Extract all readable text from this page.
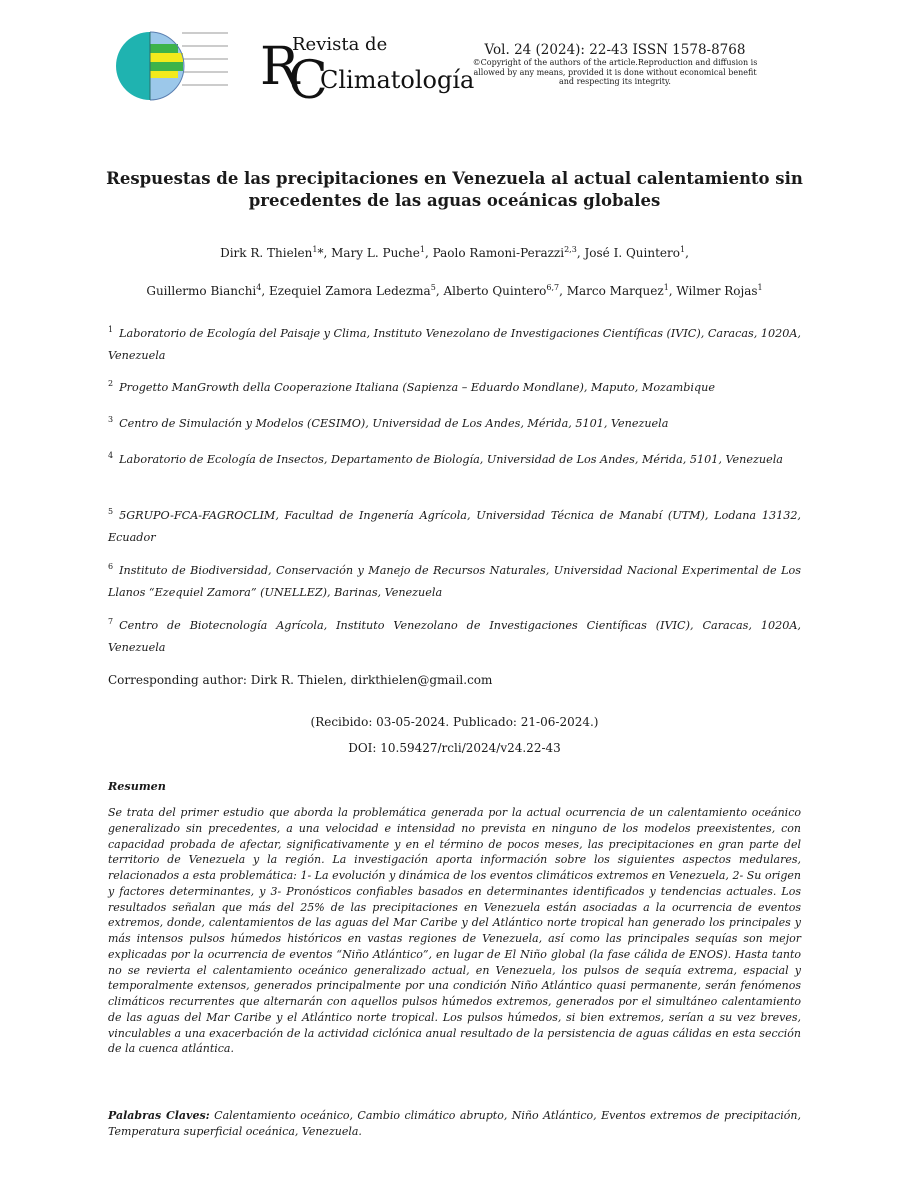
R
C
Revista de
Climatología
Vol. 24 (2024): 22-43 ISSN 1578-8768
©Copyright of the authors of the article.Reproduction and diffusion is allowed by any means, provided it is done without economical benefit and respecting its integrity.
Respuestas de las precipitaciones en Venezuela al actual calentamiento sin precedentes de las aguas oceánicas globales
Dirk R. Thielen$^1$*, Mary L. Puche$^1$, Paolo Ramoni-Perazzi$^{2,3}$, José I. Quintero$^1$,
Guillermo Bianchi$^4$, Ezequiel Zamora Ledezma$^5$, Alberto Quintero$^{6,7}$, Marco Marquez$^1$, Wilmer Rojas$^1$
$^1$ Laboratorio de Ecología del Paisaje y Clima, Instituto Venezolano de Investigaciones Científicas (IVIC), Caracas, 1020A, Venezuela
$^2$ Progetto ManGrowth della Cooperazione Italiana (Sapienza – Eduardo Mondlane), Maputo, Mozambique
$^3$ Centro de Simulación y Modelos (CESIMO), Universidad de Los Andes, Mérida, 5101, Venezuela
$^4$ Laboratorio de Ecología de Insectos, Departamento de Biología, Universidad de Los Andes, Mérida, 5101, Venezuela
$^5$ 5GRUPO-FCA-FAGROCLIM, Facultad de Ingenería Agrícola, Universidad Técnica de Manabí (UTM), Lodana 13132, Ecuador
$^6$ Instituto de Biodiversidad, Conservación y Manejo de Recursos Naturales, Universidad Nacional Experimental de Los Llanos “Ezequiel Zamora” (UNELLEZ), Barinas, Venezuela
$^7$ Centro de Biotecnología Agrícola, Instituto Venezolano de Investigaciones Científicas (IVIC), Caracas, 1020A, Venezuela
Corresponding author: Dirk R. Thielen, dirkthielen@gmail.com
(Recibido: 03-05-2024. Publicado: 21-06-2024.)
DOI: 10.59427/rcli/2024/v24.22-43
Resumen
Se trata del primer estudio que aborda la problemática generada por la actual ocurrencia de un calentamiento oceánico generalizado sin precedentes, a una velocidad e intensidad no prevista en ninguno de los modelos preexistentes, con capacidad probada de afectar, significativamente y en el término de pocos meses, las precipitaciones en gran parte del territorio de Venezuela y la región. La investigación aporta información sobre los siguientes aspectos medulares, relacionados a esta problemática: 1- La evolución y dinámica de los eventos climáticos extremos en Venezuela, 2- Su origen y factores determinantes, y 3- Pronósticos confiables basados en determinantes identificados y tendencias actuales. Los resultados señalan que más del 25% de las precipitaciones en Venezuela están asociadas a la ocurrencia de eventos extremos, donde, calentamientos de las aguas del Mar Caribe y del Atlántico norte tropical han generado los principales y más intensos pulsos húmedos históricos en vastas regiones de Venezuela, así como las principales sequías son mejor explicadas por la ocurrencia de eventos “Niño Atlántico”, en lugar de El Niño global (la fase cálida de ENOS). Hasta tanto no se revierta el calentamiento oceánico generalizado actual, en Venezuela, los pulsos de sequía extrema, espacial y temporalmente extensos, generados principalmente por una condición Niño Atlántico quasi permanente, serán fenómenos climáticos recurrentes que alternarán con aquellos pulsos húmedos extremos, generados por el simultáneo calentamiento de las aguas del Mar Caribe y el Atlántico norte tropical. Los pulsos húmedos, si bien extremos, serían a su vez breves, vinculables a una exacerbación de la actividad ciclónica anual resultado de la persistencia de aguas cálidas en esta sección de la cuenca atlántica.
Palabras Claves: Calentamiento oceánico, Cambio climático abrupto, Niño Atlántico, Eventos extremos de precipitación, Temperatura superficial oceánica, Venezuela.
